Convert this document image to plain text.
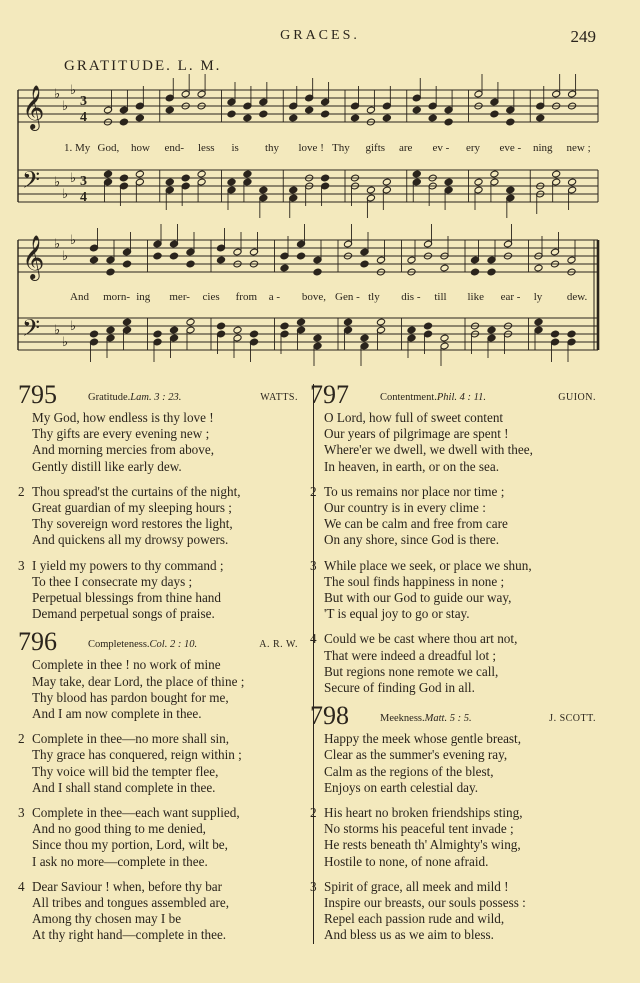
GRACES.	249
GRATITUDE. L. M.
𝄞
𝄢
♭
♭
♭
♭
♭
♭
3
4
3
4
𝄞
𝄢
♭
♭
♭
♭
♭
♭
1. My God, how end- less is thy love ! Thy gifts are ev - ery eve - ning new ;
And morn- ing mer- cies from a - bove, Gen - tly dis - till like ear - ly dew.
795	Gratitude.Lam. 3 : 23.	WATTS.
My God, how endless is thy love !
Thy gifts are every evening new ;
And morning mercies from above,
Gently distill like early dew.
2 Thou spread'st the curtains of the night,
Great guardian of my sleeping hours ;
Thy sovereign word restores the light,
And quickens all my drowsy powers.
3 I yield my powers to thy command ;
To thee I consecrate my days ;
Perpetual blessings from thine hand
Demand perpetual songs of praise.
796	Completeness.Col. 2 : 10.	A. R. W.
Complete in thee ! no work of mine
May take, dear Lord, the place of thine ;
Thy blood has pardon bought for me,
And I am now complete in thee.
2 Complete in thee—no more shall sin,
Thy grace has conquered, reign within ;
Thy voice will bid the tempter flee,
And I shall stand complete in thee.
3 Complete in thee—each want supplied,
And no good thing to me denied,
Since thou my portion, Lord, wilt be,
I ask no more—complete in thee.
4 Dear Saviour ! when, before thy bar
All tribes and tongues assembled are,
Among thy chosen may I be
At thy right hand—complete in thee.
797	Contentment.Phil. 4 : 11.	GUION.
O Lord, how full of sweet content
Our years of pilgrimage are spent !
Where'er we dwell, we dwell with thee,
In heaven, in earth, or on the sea.
2 To us remains nor place nor time ;
Our country is in every clime :
We can be calm and free from care
On any shore, since God is there.
3 While place we seek, or place we shun,
The soul finds happiness in none ;
But with our God to guide our way,
'T is equal joy to go or stay.
4 Could we be cast where thou art not,
That were indeed a dreadful lot ;
But regions none remote we call,
Secure of finding God in all.
798	Meekness.Matt. 5 : 5.	J. SCOTT.
Happy the meek whose gentle breast,
Clear as the summer's evening ray,
Calm as the regions of the blest,
Enjoys on earth celestial day.
2 His heart no broken friendships sting,
No storms his peaceful tent invade ;
He rests beneath th' Almighty's wing,
Hostile to none, of none afraid.
3 Spirit of grace, all meek and mild !
Inspire our breasts, our souls possess :
Repel each passion rude and wild,
And bless us as we aim to bless.
